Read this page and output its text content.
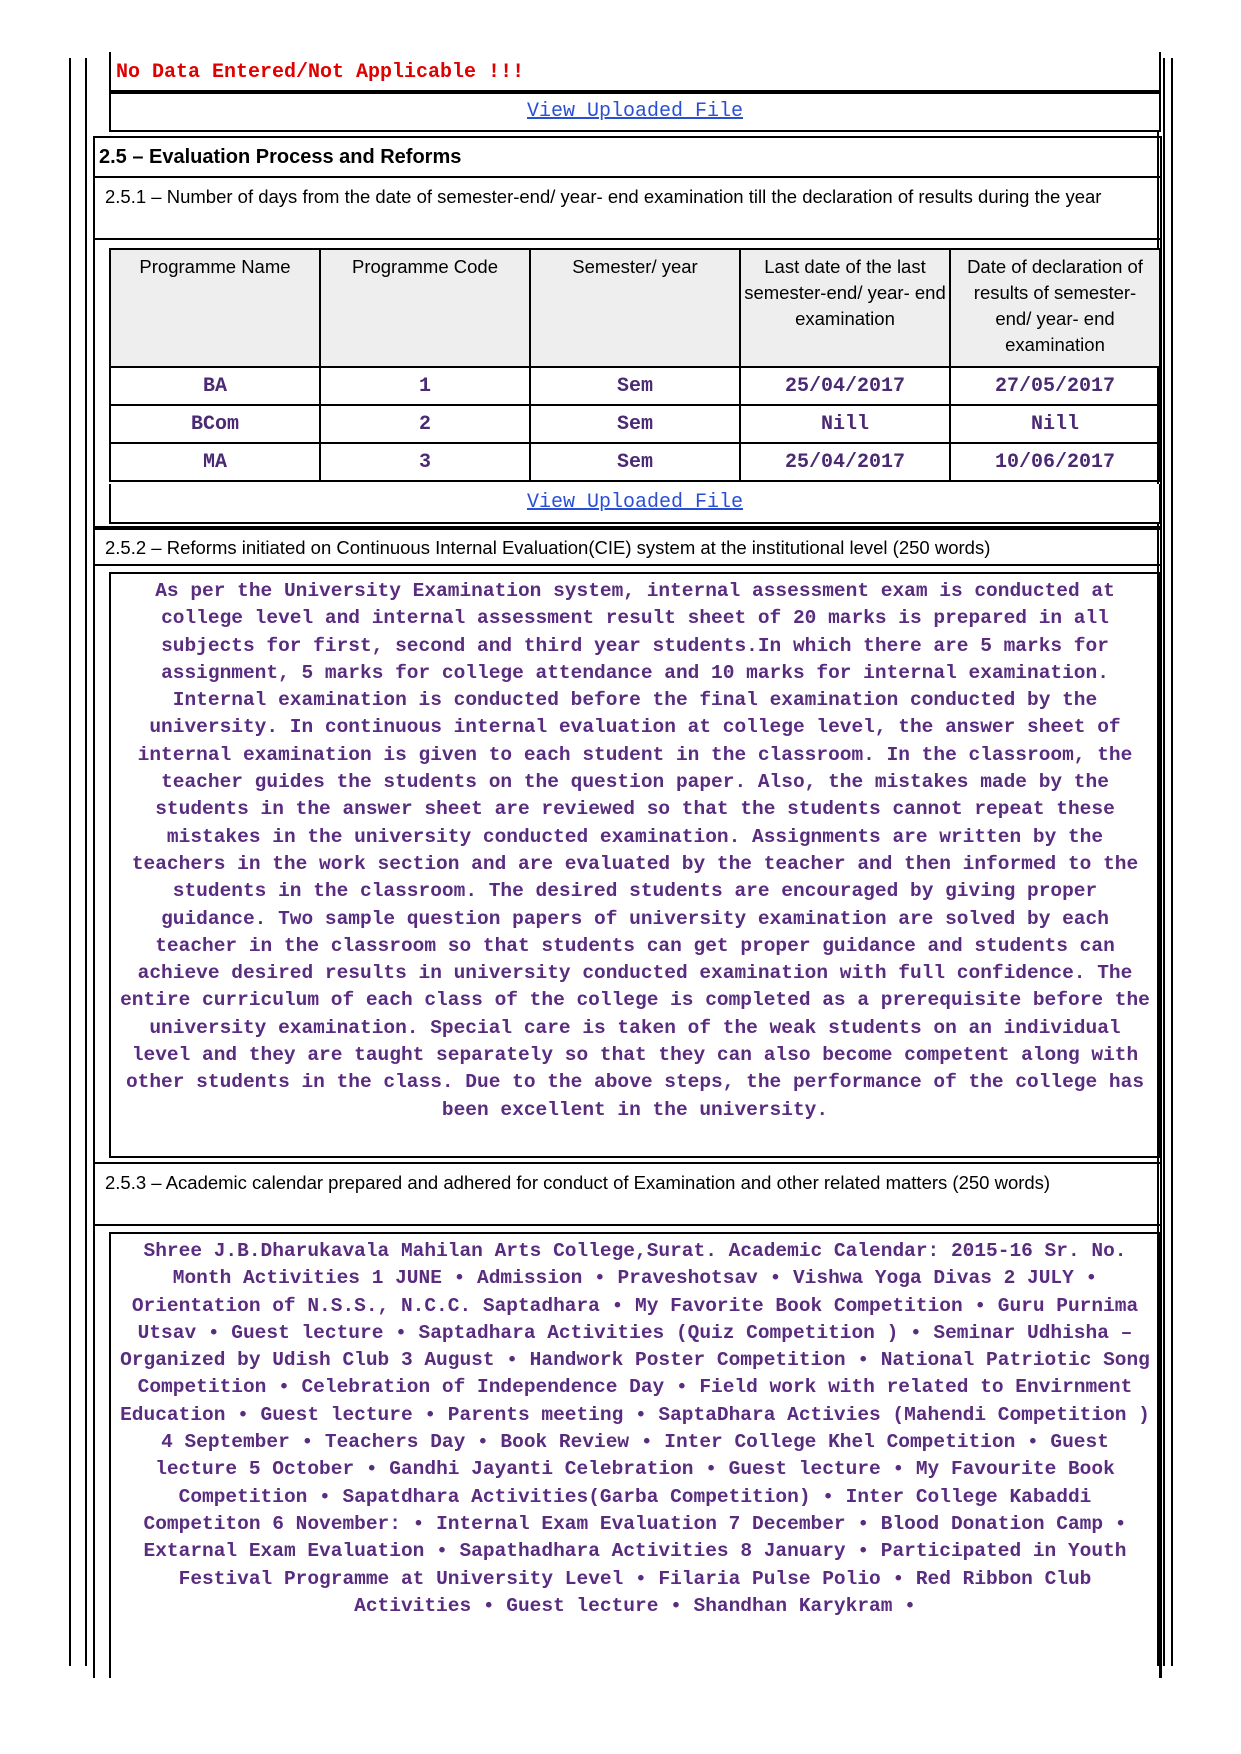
No Data Entered/Not Applicable !!!
View Uploaded File
2.5 – Evaluation Process and Reforms
2.5.1 – Number of days from the date of semester-end/ year- end examination till the declaration of results during the year
Programme Name	Programme Code	Semester/ year	Last date of the last semester-end/ year- end examination	Date of declaration of results of semester- end/ year- end examination
BA	1	Sem	25/04/2017	27/05/2017
BCom	2	Sem	Nill	Nill
MA	3	Sem	25/04/2017	10/06/2017
View Uploaded File
2.5.2 – Reforms initiated on Continuous Internal Evaluation(CIE) system at the institutional level (250 words)
As per the University Examination system, internal assessment exam is conducted at college level and internal assessment result sheet of 20 marks is prepared in all subjects for first, second and third year students.In which there are 5 marks for assignment, 5 marks for college attendance and 10 marks for internal examination. Internal examination is conducted before the final examination conducted by the university. In continuous internal evaluation at college level, the answer sheet of internal examination is given to each student in the classroom. In the classroom, the teacher guides the students on the question paper. Also, the mistakes made by the students in the answer sheet are reviewed so that the students cannot repeat these mistakes in the university conducted examination. Assignments are written by the teachers in the work section and are evaluated by the teacher and then informed to the students in the classroom. The desired students are encouraged by giving proper guidance. Two sample question papers of university examination are solved by each teacher in the classroom so that students can get proper guidance and students can achieve desired results in university conducted examination with full confidence. The entire curriculum of each class of the college is completed as a prerequisite before the university examination. Special care is taken of the weak students on an individual level and they are taught separately so that they can also become competent along with other students in the class. Due to the above steps, the performance of the college has been excellent in the university.
2.5.3 – Academic calendar prepared and adhered for conduct of Examination and other related matters (250 words)
Shree J.B.Dharukavala Mahilan Arts College,Surat. Academic Calendar: 2015-16 Sr. No. Month Activities 1 JUNE • Admission • Praveshotsav • Vishwa Yoga Divas 2 JULY • Orientation of N.S.S., N.C.C. Saptadhara • My Favorite Book Competition • Guru Purnima Utsav • Guest lecture • Saptadhara Activities (Quiz Competition ) • Seminar Udhisha – Organized by Udish Club 3 August • Handwork Poster Competition • National Patriotic Song Competition • Celebration of Independence Day • Field work with related to Envirnment Education • Guest lecture • Parents meeting • SaptaDhara Activies (Mahendi Competition ) 4 September • Teachers Day • Book Review • Inter College Khel Competition • Guest lecture 5 October • Gandhi Jayanti Celebration • Guest lecture • My Favourite Book Competition • Sapatdhara Activities(Garba Competition) • Inter College Kabaddi Competiton 6 November: • Internal Exam Evaluation 7 December • Blood Donation Camp • Extarnal Exam Evaluation • Sapathadhara Activities 8 January • Participated in Youth Festival Programme at University Level • Filaria Pulse Polio • Red Ribbon Club Activities • Guest lecture • Shandhan Karykram •
